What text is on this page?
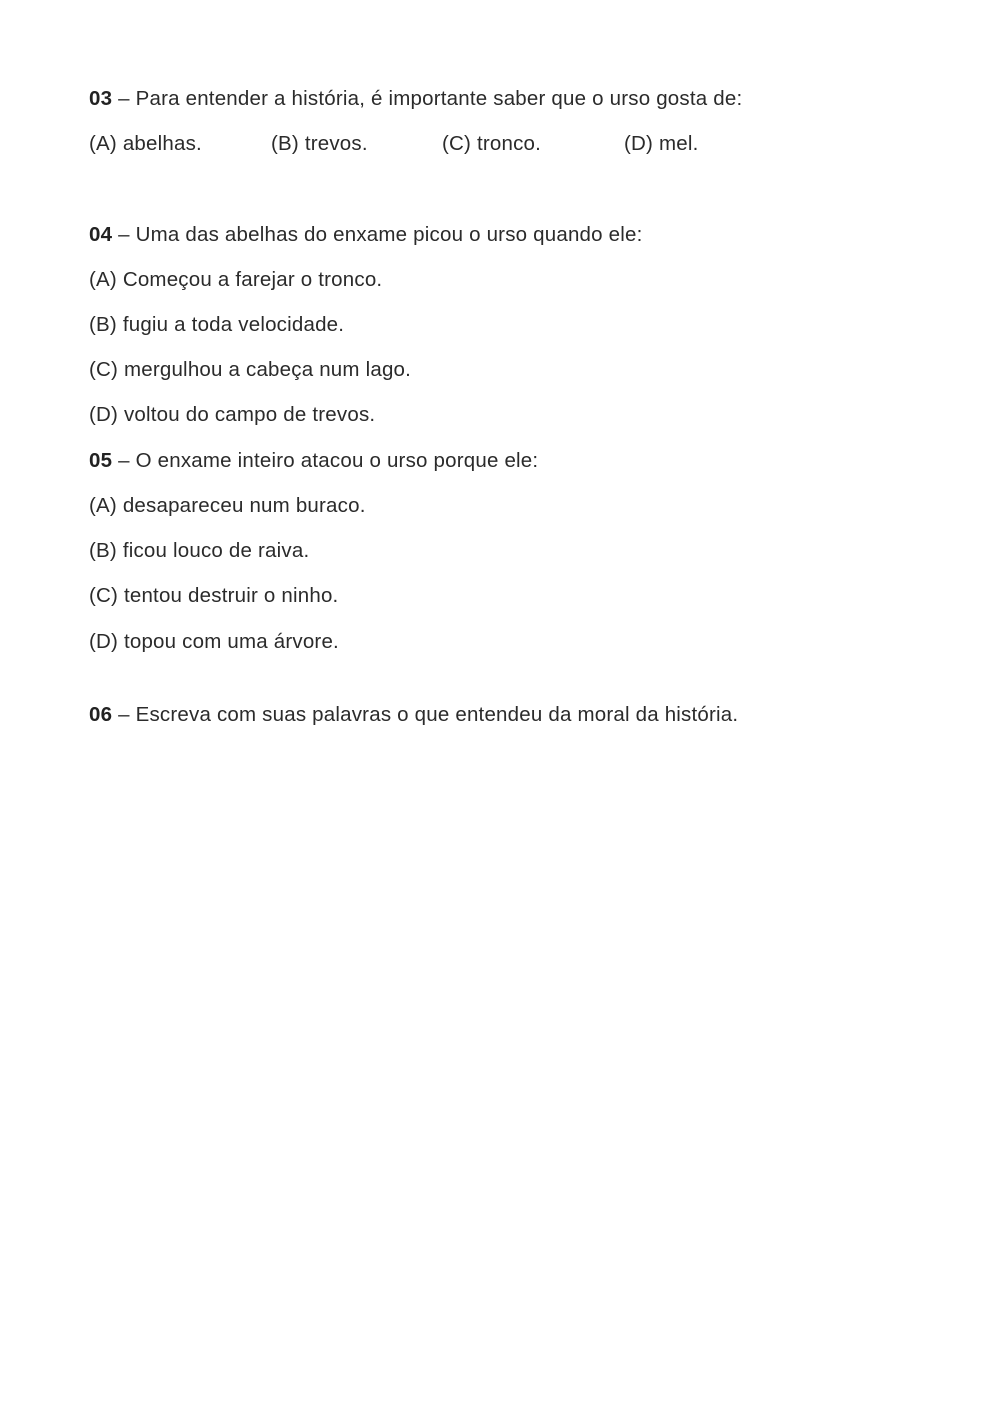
03 – Para entender a história, é importante saber que o urso gosta de:
(A) abelhas.	(B) trevos.	(C) tronco.	(D) mel.
04 – Uma das abelhas do enxame picou o urso quando ele:
(A) Começou a farejar o tronco.
(B) fugiu a toda velocidade.
(C) mergulhou a cabeça num lago.
(D) voltou do campo de trevos.
05 – O enxame inteiro atacou o urso porque ele:
(A) desapareceu num buraco.
(B) ficou louco de raiva.
(C) tentou destruir o ninho.
(D) topou com uma árvore.
06 – Escreva com suas palavras o que entendeu da moral da história.
